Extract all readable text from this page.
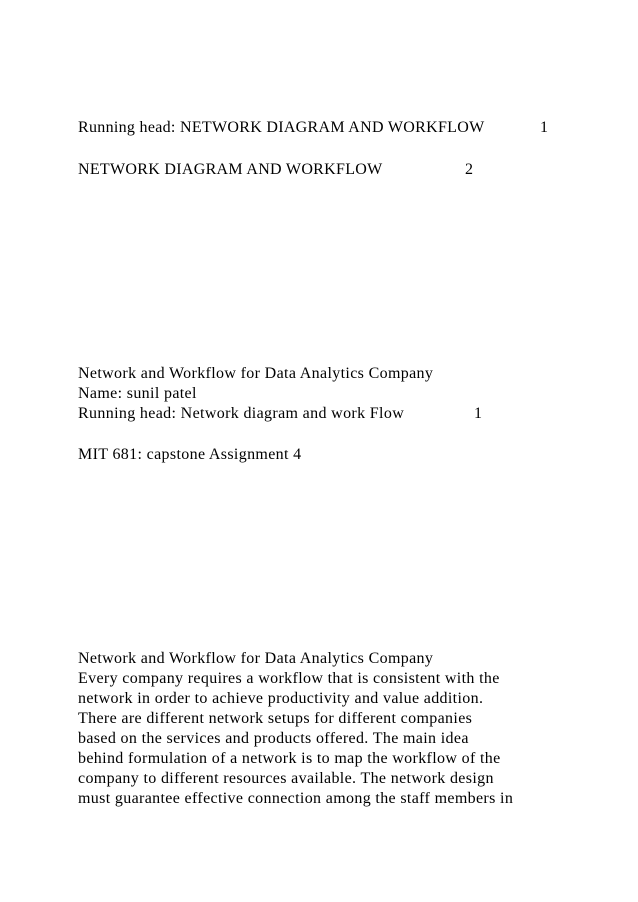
Running head: NETWORK DIAGRAM AND WORKFLOW	1
NETWORK DIAGRAM AND WORKFLOW	2
Network and Workflow for Data Analytics Company
Name: sunil patel
Running head: Network diagram and work Flow	1
MIT 681: capstone Assignment 4
Network and Workflow for Data Analytics Company
Every company requires a workflow that is consistent with the
network in order to achieve productivity and value addition.
There are different network setups for different companies
based on the services and products offered. The main idea
behind formulation of a network is to map the workflow of the
company to different resources available. The network design
must guarantee effective connection among the staff members in
